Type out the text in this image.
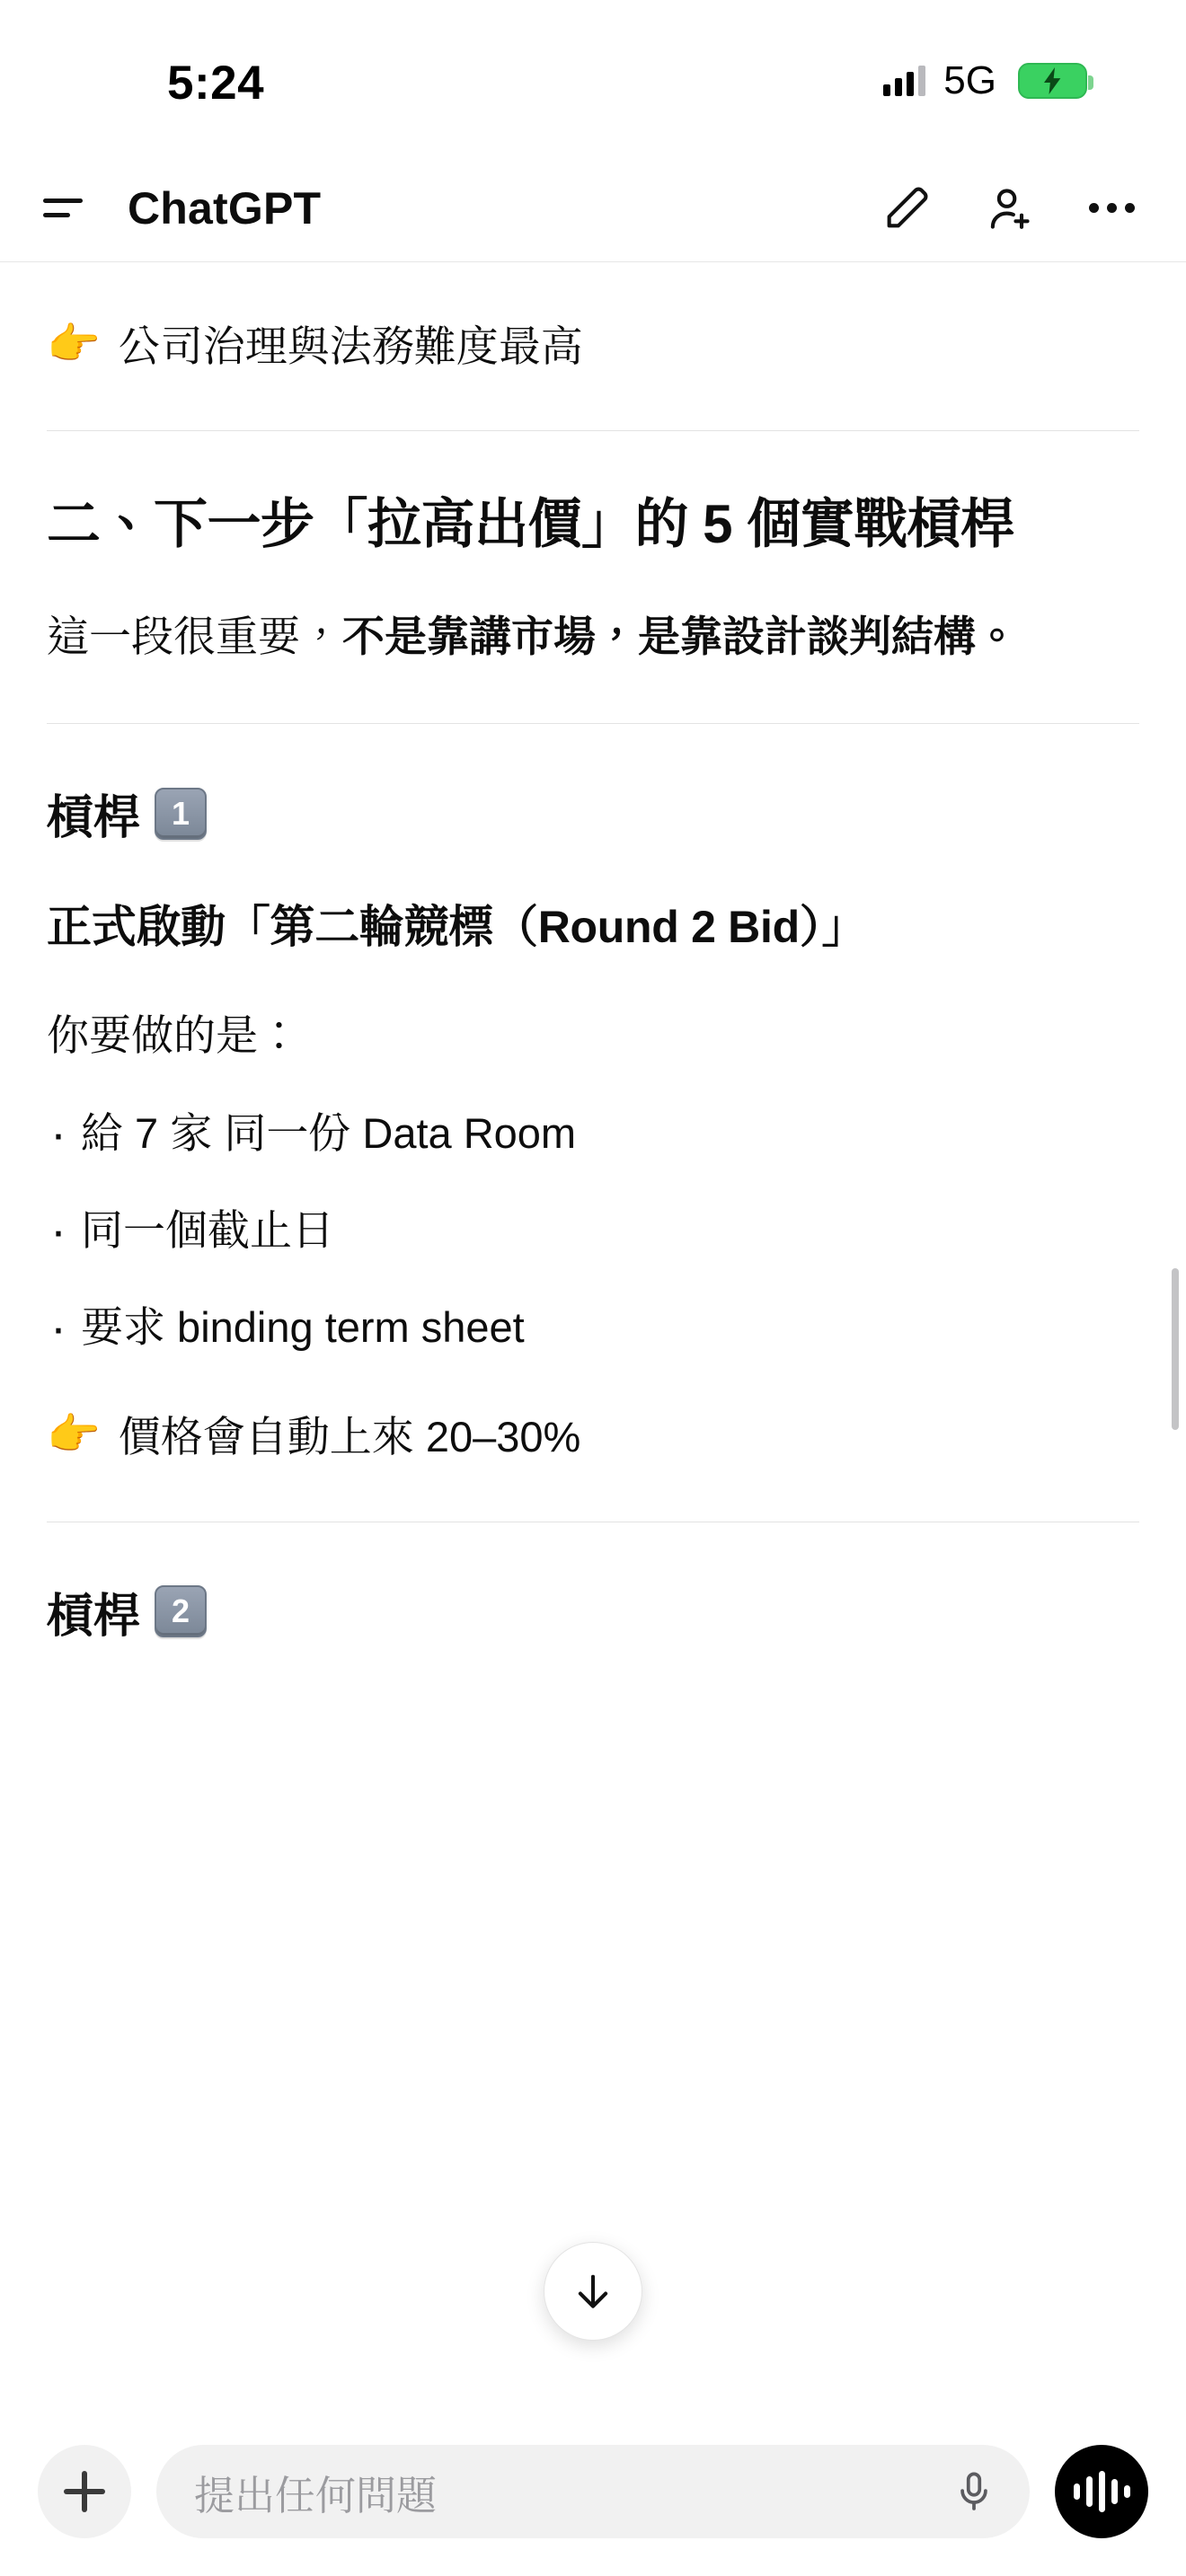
5:24	5G
ChatGPT
👉 公司治理與法務難度最高
二、下一步「拉高出價」的 5 個實戰槓桿

這一段很重要，不是靠講市場，是靠設計談判結構。

槓桿 1
正式啟動「第二輪競標（Round 2 Bid）」

你要做的是：

· 給 7 家 同一份 Data Room
· 同一個截止日
· 要求 binding term sheet
👉 價格會自動上來 20–30%
槓桿 2
提出任何問題
